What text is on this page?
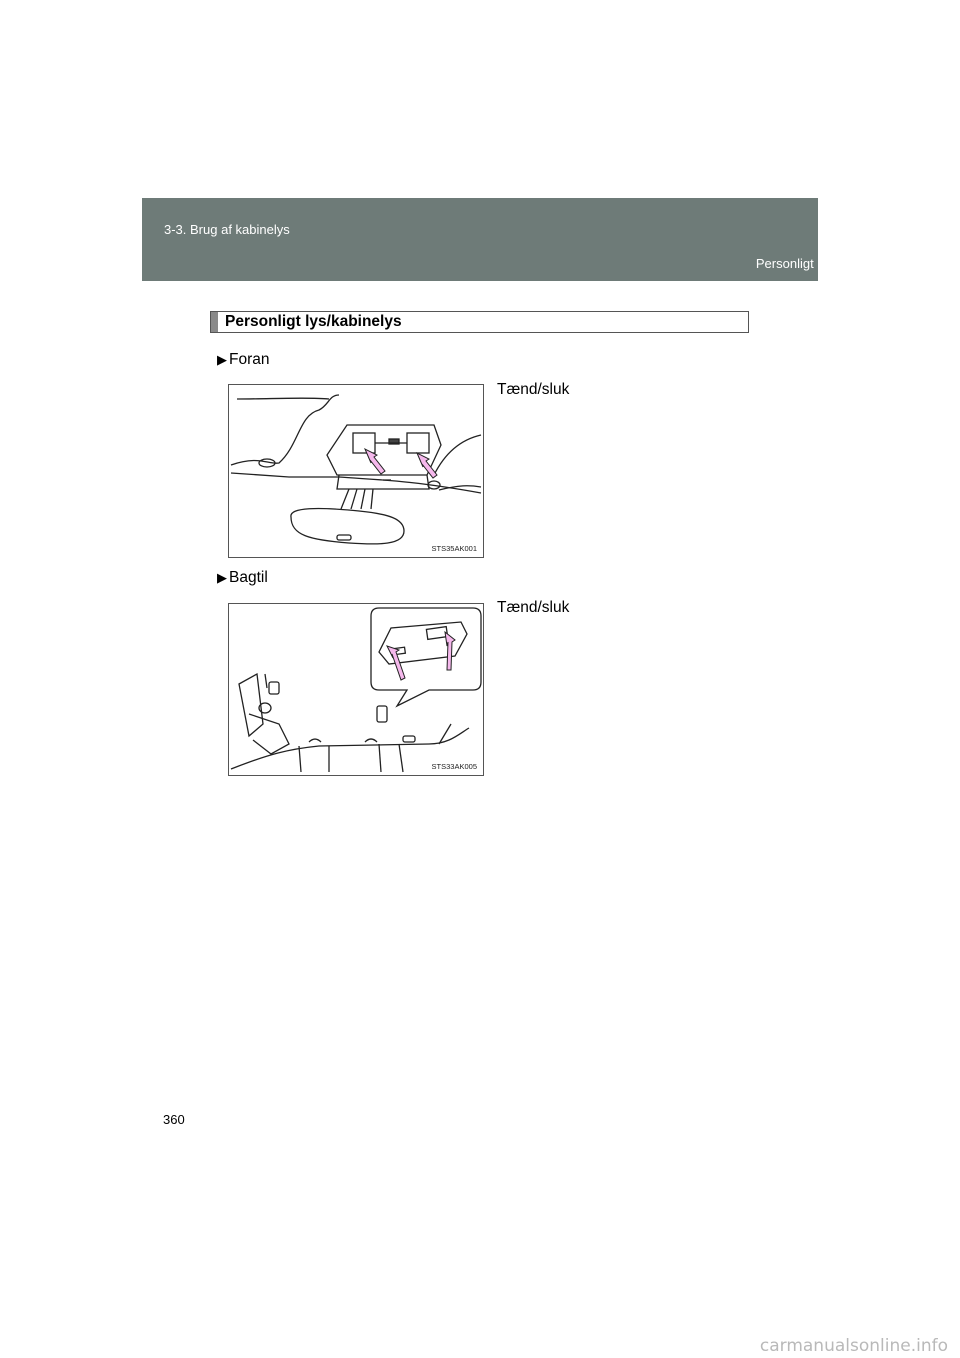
3-3. Brug af kabinelys
Personligt lys/kabinelys
Personligt lys/kabinelys
▶ Foran
Tænd/sluk
STS35AK001
▶ Bagtil
Tænd/sluk
STS33AK005
360
carmanualsonline.info
